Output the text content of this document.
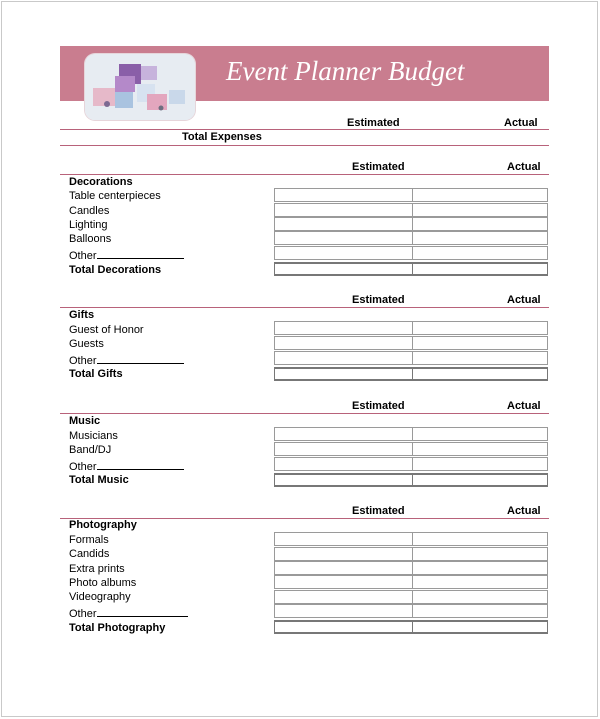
Event Planner Budget
Estimated	Actual
Total Expenses
Estimated	Actual
Decorations
Table centerpieces
Candles
Lighting
Balloons
Other
Total Decorations
Estimated	Actual
Gifts
Guest of Honor
Guests
Other
Total Gifts
Estimated	Actual
Music
Musicians
Band/DJ
Other
Total Music
Estimated	Actual
Photography
Formals
Candids
Extra prints
Photo albums
Videography
Other
Total Photography
